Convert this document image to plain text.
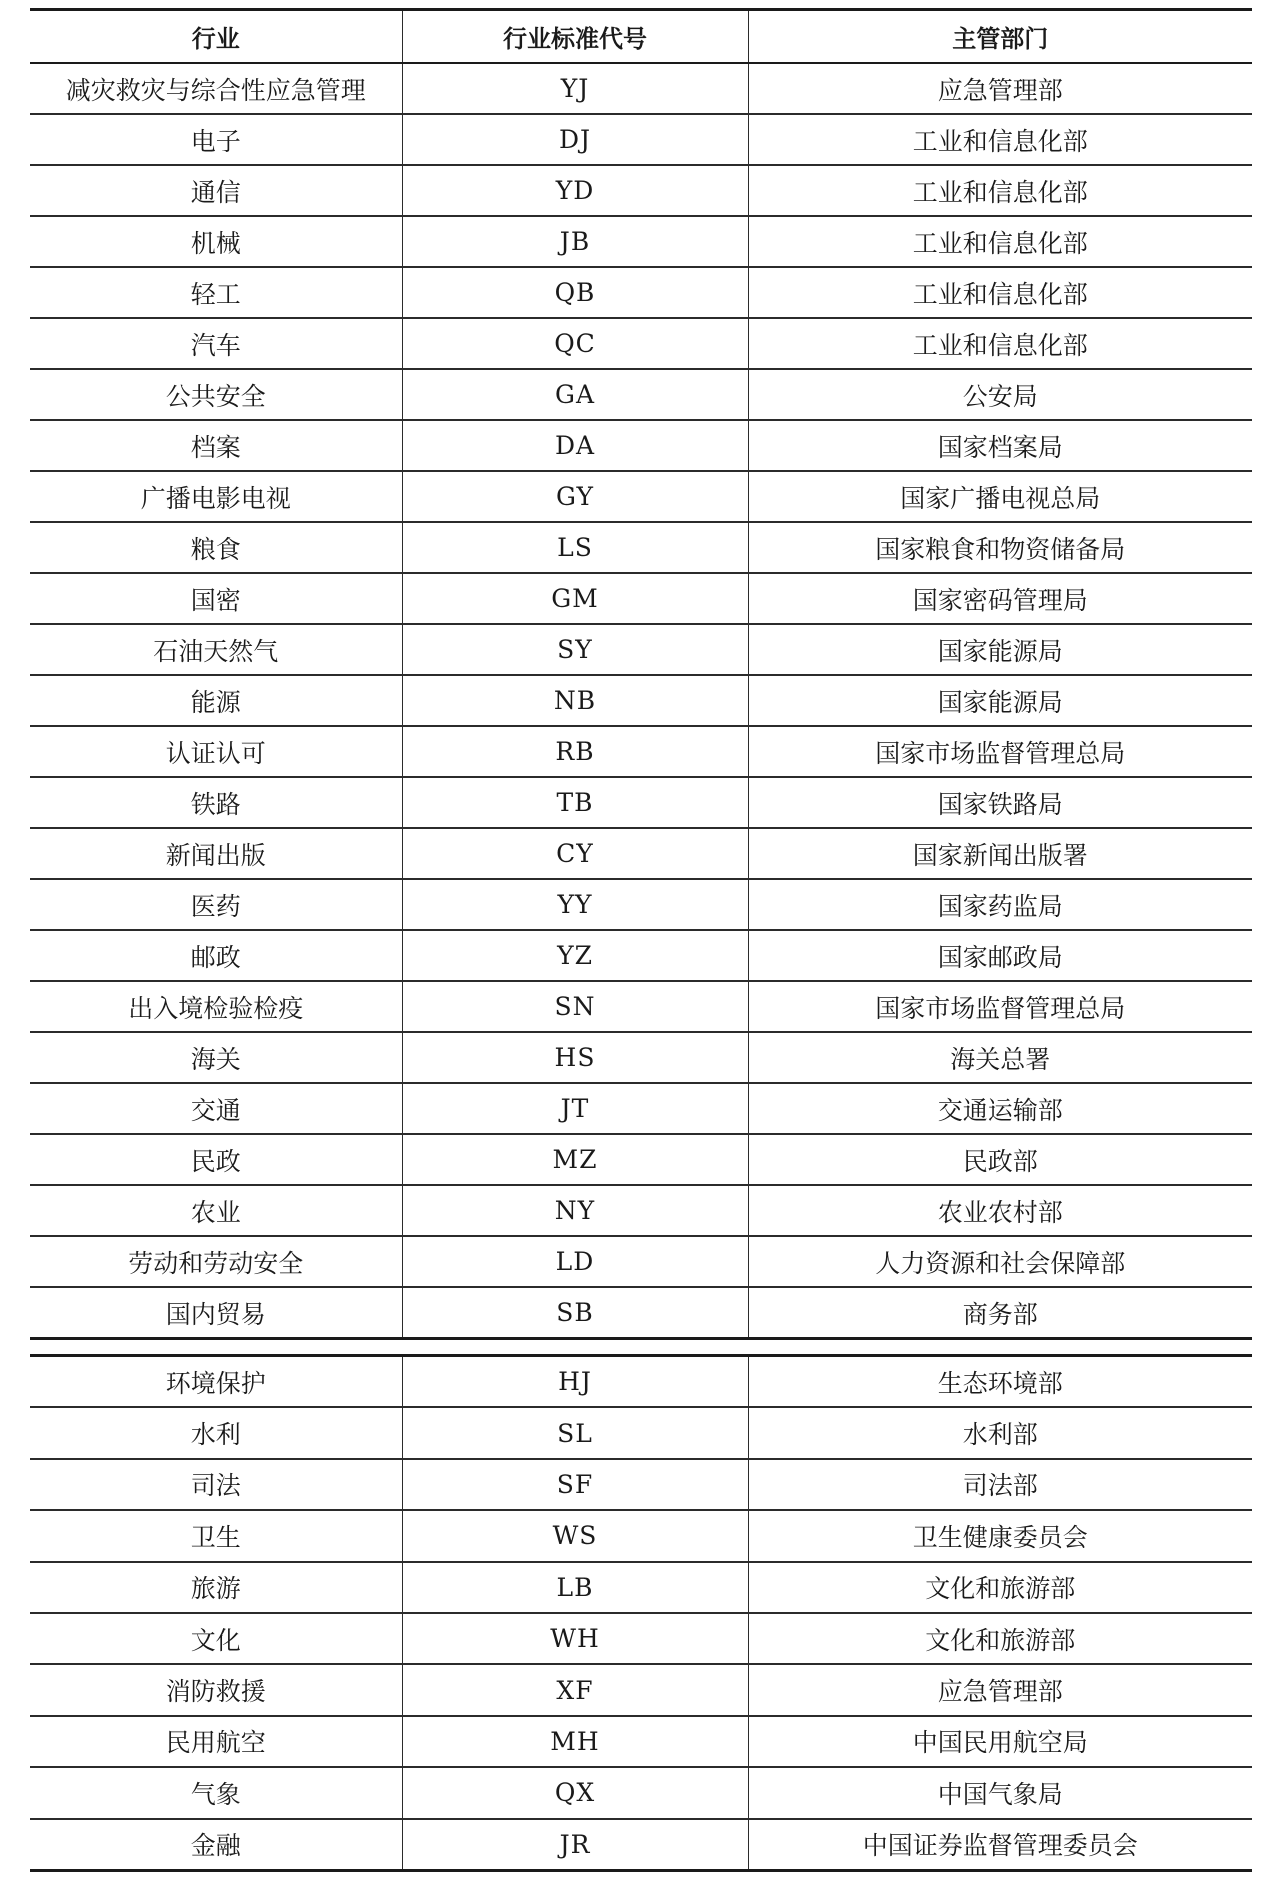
行业	行业标准代号	主管部门
减灾救灾与综合性应急管理	YJ	应急管理部
电子	DJ	工业和信息化部
通信	YD	工业和信息化部
机械	JB	工业和信息化部
轻工	QB	工业和信息化部
汽车	QC	工业和信息化部
公共安全	GA	公安局
档案	DA	国家档案局
广播电影电视	GY	国家广播电视总局
粮食	LS	国家粮食和物资储备局
国密	GM	国家密码管理局
石油天然气	SY	国家能源局
能源	NB	国家能源局
认证认可	RB	国家市场监督管理总局
铁路	TB	国家铁路局
新闻出版	CY	国家新闻出版署
医药	YY	国家药监局
邮政	YZ	国家邮政局
出入境检验检疫	SN	国家市场监督管理总局
海关	HS	海关总署
交通	JT	交通运输部
民政	MZ	民政部
农业	NY	农业农村部
劳动和劳动安全	LD	人力资源和社会保障部
国内贸易	SB	商务部
环境保护	HJ	生态环境部
水利	SL	水利部
司法	SF	司法部
卫生	WS	卫生健康委员会
旅游	LB	文化和旅游部
文化	WH	文化和旅游部
消防救援	XF	应急管理部
民用航空	MH	中国民用航空局
气象	QX	中国气象局
金融	JR	中国证券监督管理委员会
